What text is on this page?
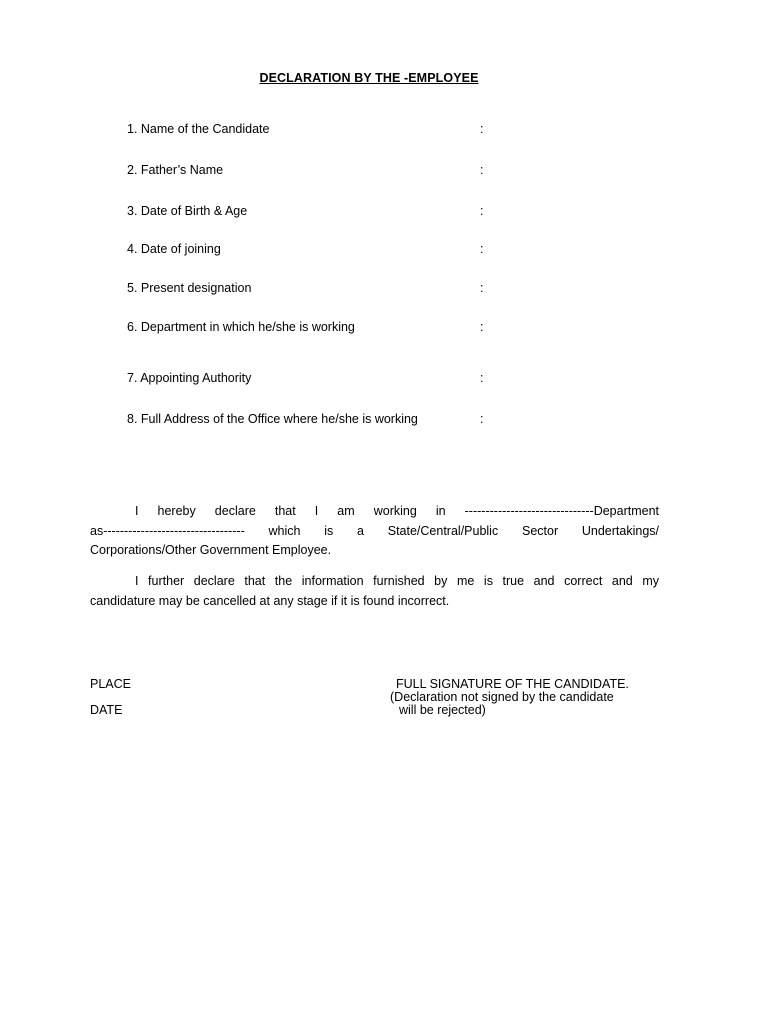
DECLARATION BY THE -EMPLOYEE
1. Name of the Candidate	:
2. Father’s Name	:
3. Date of Birth & Age	:
4. Date of joining	:
5. Present designation	:
6. Department in which he/she is working	:
7. Appointing Authority	:
8. Full Address of the Office where he/she is working	:
I hereby declare that I am working in -------------------------------Department
as---------------------------------- which is a State/Central/Public Sector Undertakings/
Corporations/Other Government Employee.
I further declare that the information furnished by me is true and correct and my
candidature may be cancelled at any stage if it is found incorrect.
PLACE
DATE
FULL SIGNATURE OF THE CANDIDATE.
(Declaration not signed by the candidate
will be rejected)
